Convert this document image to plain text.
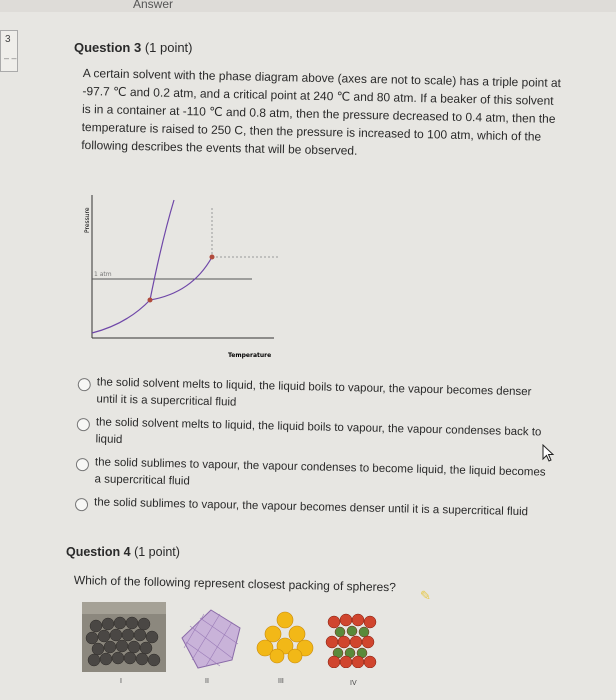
Answer
3
– –
Question 3 (1 point)
A certain solvent with the phase diagram above (axes are not to scale) has a triple point at -97.7 ℃ and 0.2 atm, and a critical point at 240 ℃ and 80 atm. If a beaker of this solvent is in a container at -110 ℃ and 0.8 atm, then the pressure decreased to 0.4 atm, then the temperature is raised to 250 C, then the pressure is increased to 100 atm, which of the following describes the events that will be observed.
Pressure
1 atm
Temperature
the solid solvent melts to liquid, the liquid boils to vapour, the vapour becomes denser until it is a supercritical fluid
the solid solvent melts to liquid, the liquid boils to vapour, the vapour condenses back to liquid
the solid sublimes to vapour, the vapour condenses to become liquid, the liquid becomes a supercritical fluid
the solid sublimes to vapour, the vapour becomes denser until it is a supercritical fluid
Question 4 (1 point)
Which of the following represent closest packing of spheres?
✎
I	II	III	IV
